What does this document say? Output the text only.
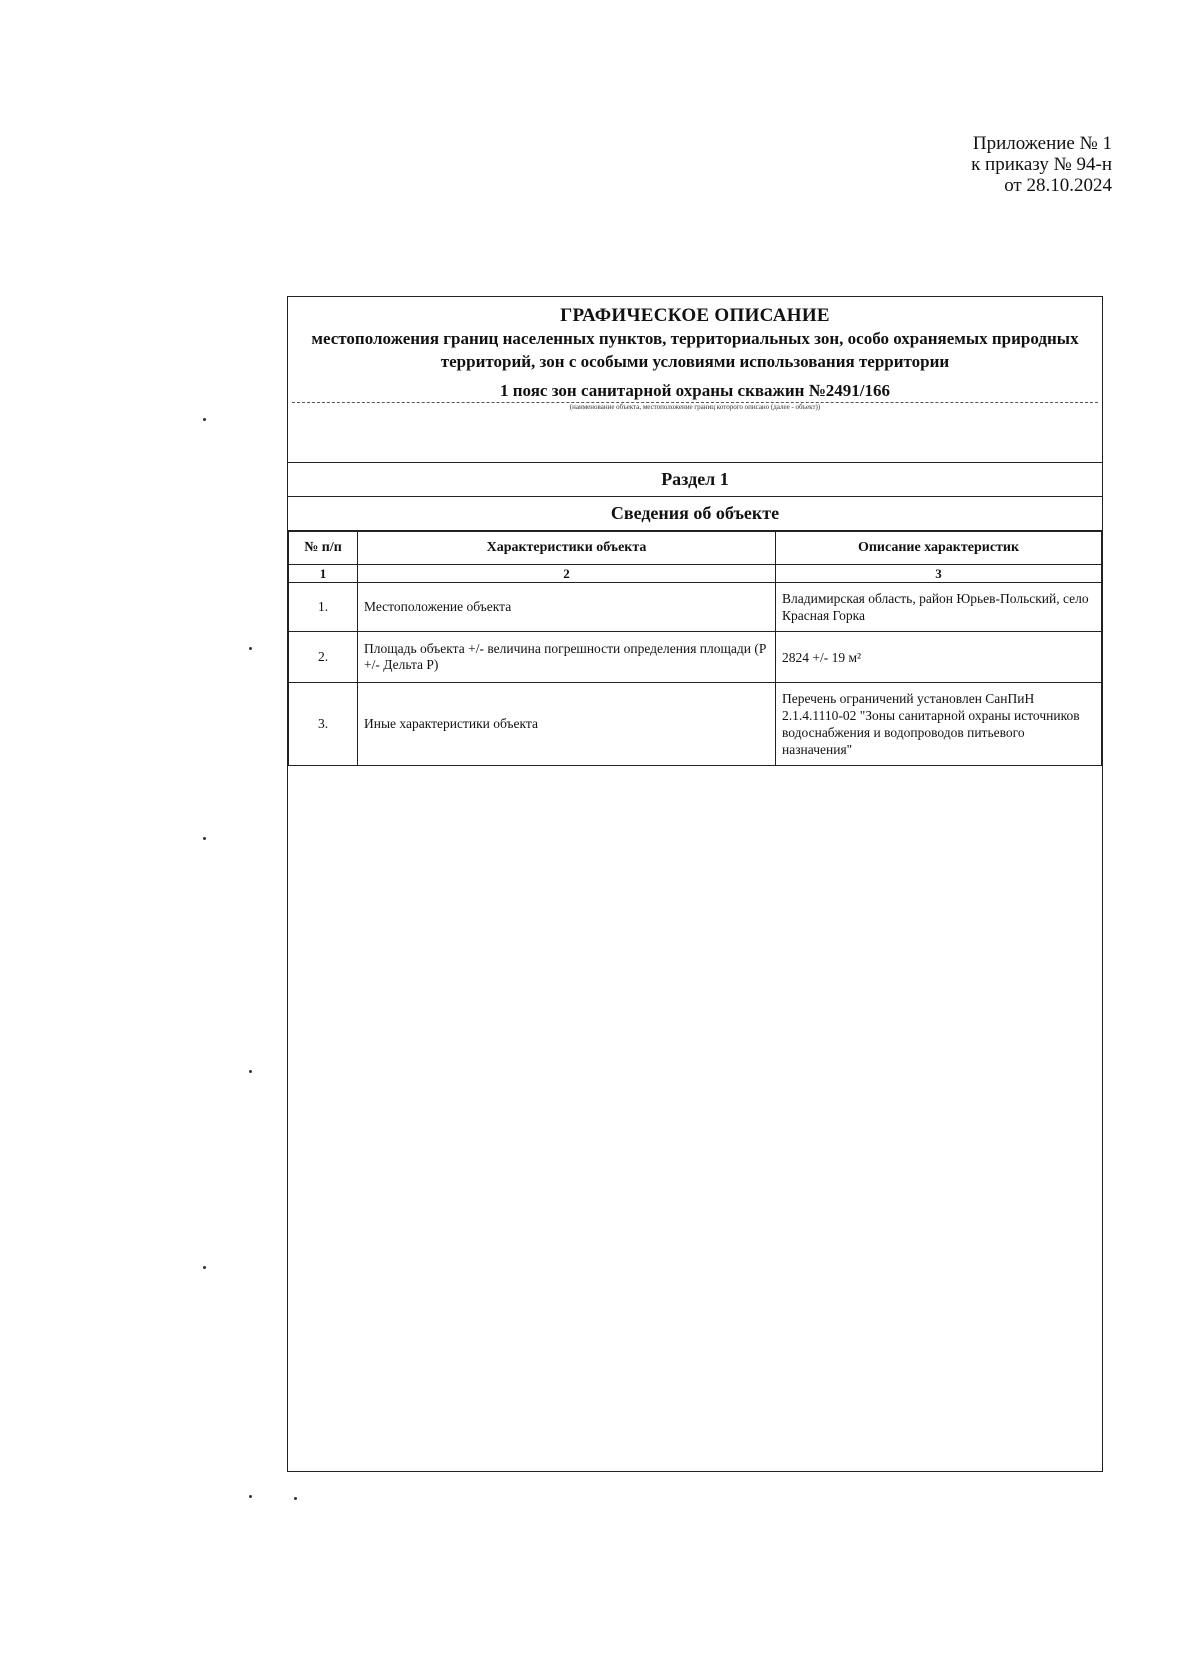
Приложение № 1
к приказу № 94-н
от 28.10.2024
ГРАФИЧЕСКОЕ ОПИСАНИЕ
местоположения границ населенных пунктов, территориальных зон, особо охраняемых природных территорий, зон с особыми условиями использования территории
1 пояс зон санитарной охраны скважин №2491/166
(наименование объекта, местоположение границ которого описано (далее - объект))
Раздел 1
Сведения об объекте
№ п/п	Характеристики объекта	Описание характеристик
1	2	3
1.	Местоположение объекта	Владимирская область, район Юрьев-Польский, село Красная Горка
2.	Площадь объекта +/- величина погрешности определения площади (Р +/- Дельта Р)	2824 +/- 19 м²
3.	Иные характеристики объекта	Перечень ограничений установлен СанПиН 2.1.4.1110-02 "Зоны санитарной охраны источников водоснабжения и водопроводов питьевого назначения"
